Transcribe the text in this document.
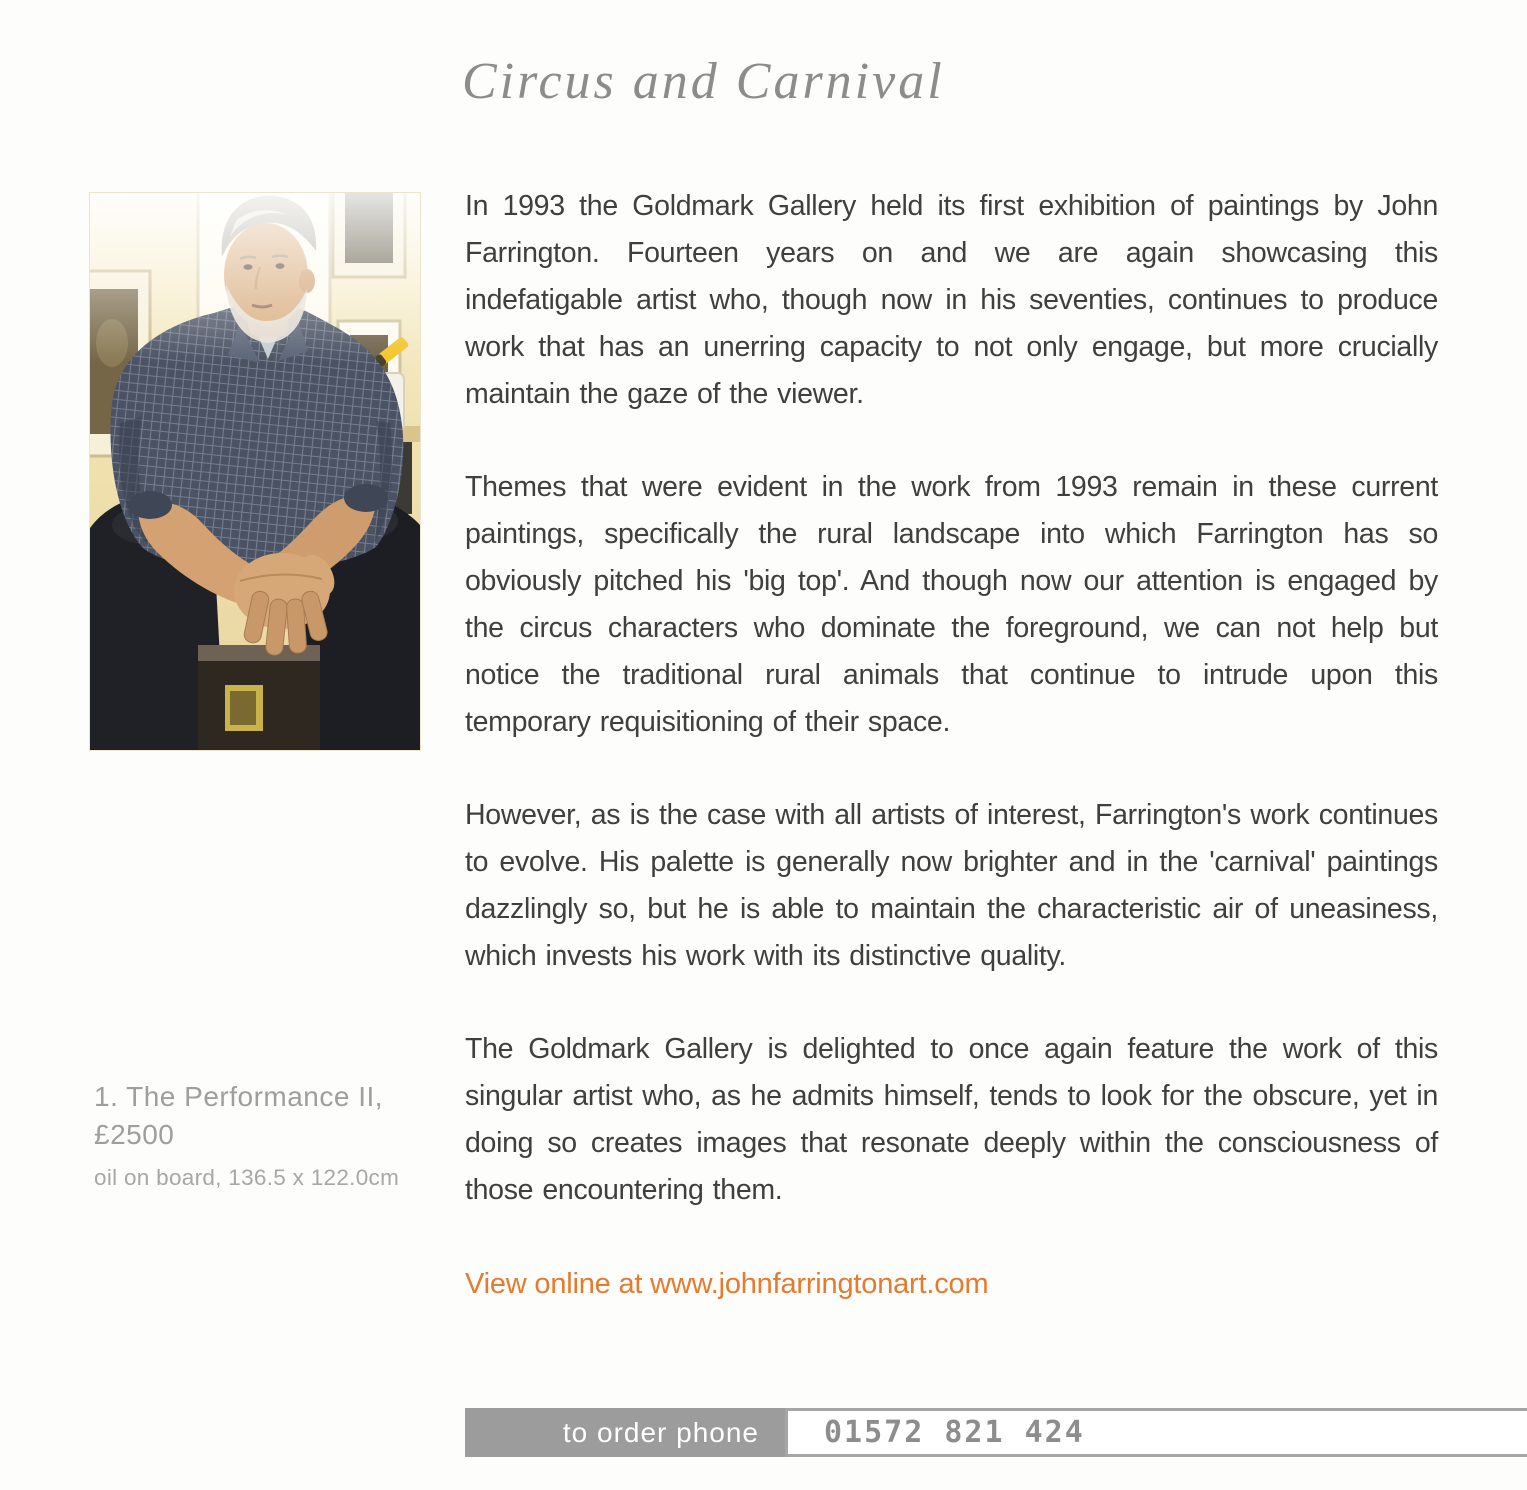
Circus and Carnival
1. The Performance II,
£2500
oil on board, 136.5 x 122.0cm

In 1993 the Goldmark Gallery held its first exhibition of paintings by John Farrington. Fourteen years on and we are again showcasing this indefatigable artist who, though now in his seventies, continues to produce work that has an unerring capacity to not only engage, but more crucially maintain the gaze of the viewer.

Themes that were evident in the work from 1993 remain in these current paintings, specifically the rural landscape into which Farrington has so obviously pitched his 'big top'. And though now our attention is engaged by the circus characters who dominate the foreground, we can not help but notice the traditional rural animals that continue to intrude upon this temporary requisitioning of their space.

However, as is the case with all artists of interest, Farrington's work continues to evolve. His palette is generally now brighter and in the 'carnival' paintings dazzlingly so, but he is able to maintain the characteristic air of uneasiness, which invests his work with its distinctive quality.

The Goldmark Gallery is delighted to once again feature the work of this singular artist who, as he admits himself, tends to look for the obscure, yet in doing so creates images that resonate deeply within the consciousness of those encountering them.

View online at www.johnfarringtonart.com
to order phone	01572 821 424
